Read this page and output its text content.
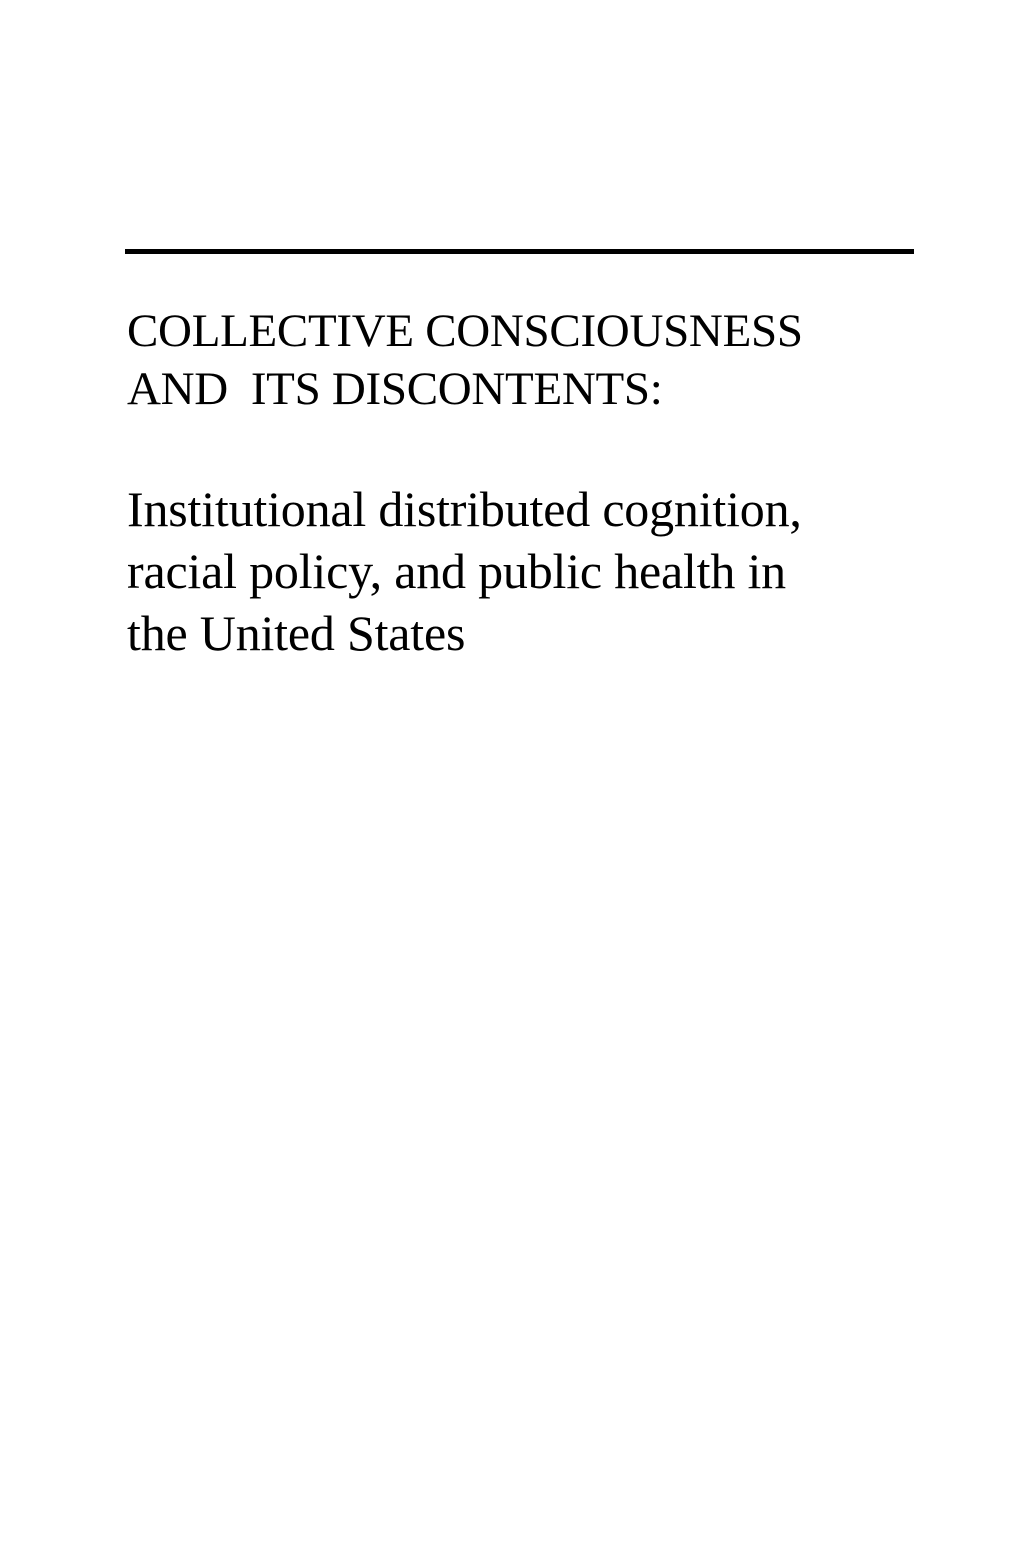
COLLECTIVE CONSCIOUSNESS
AND  ITS DISCONTENTS:
Institutional distributed cognition,
racial policy, and public health in
the United States
